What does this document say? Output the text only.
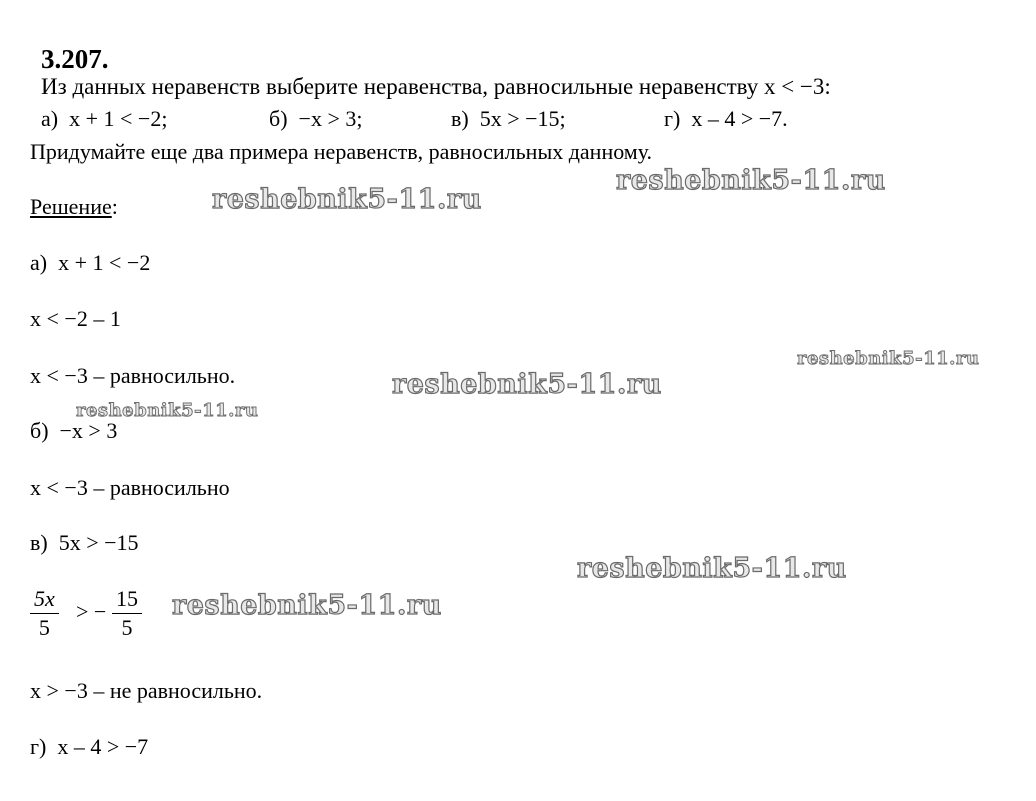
3.207.
Из данных неравенств выберите неравенства, равносильные неравенству x < −3:

а) x + 1 < −2;	б) −x > 3;	в) 5x > −15;	г) x – 4 > −7.

Придумайте еще два примера неравенств, равносильных данному.
Решение:
а)  x + 1 < −2
x < −2 – 1
x < −3 – равносильно.
б)  −x > 3
x < −3 – равносильно
в)  5x > −15
5x
5
> −
15
5
x > −3 – не равносильно.
г)  x – 4 > −7
reshebnik5-11.ru
reshebnik5-11.ru
reshebnik5-11.ru
reshebnik5-11.ru
reshebnik5-11.ru
reshebnik5-11.ru
reshebnik5-11.ru
